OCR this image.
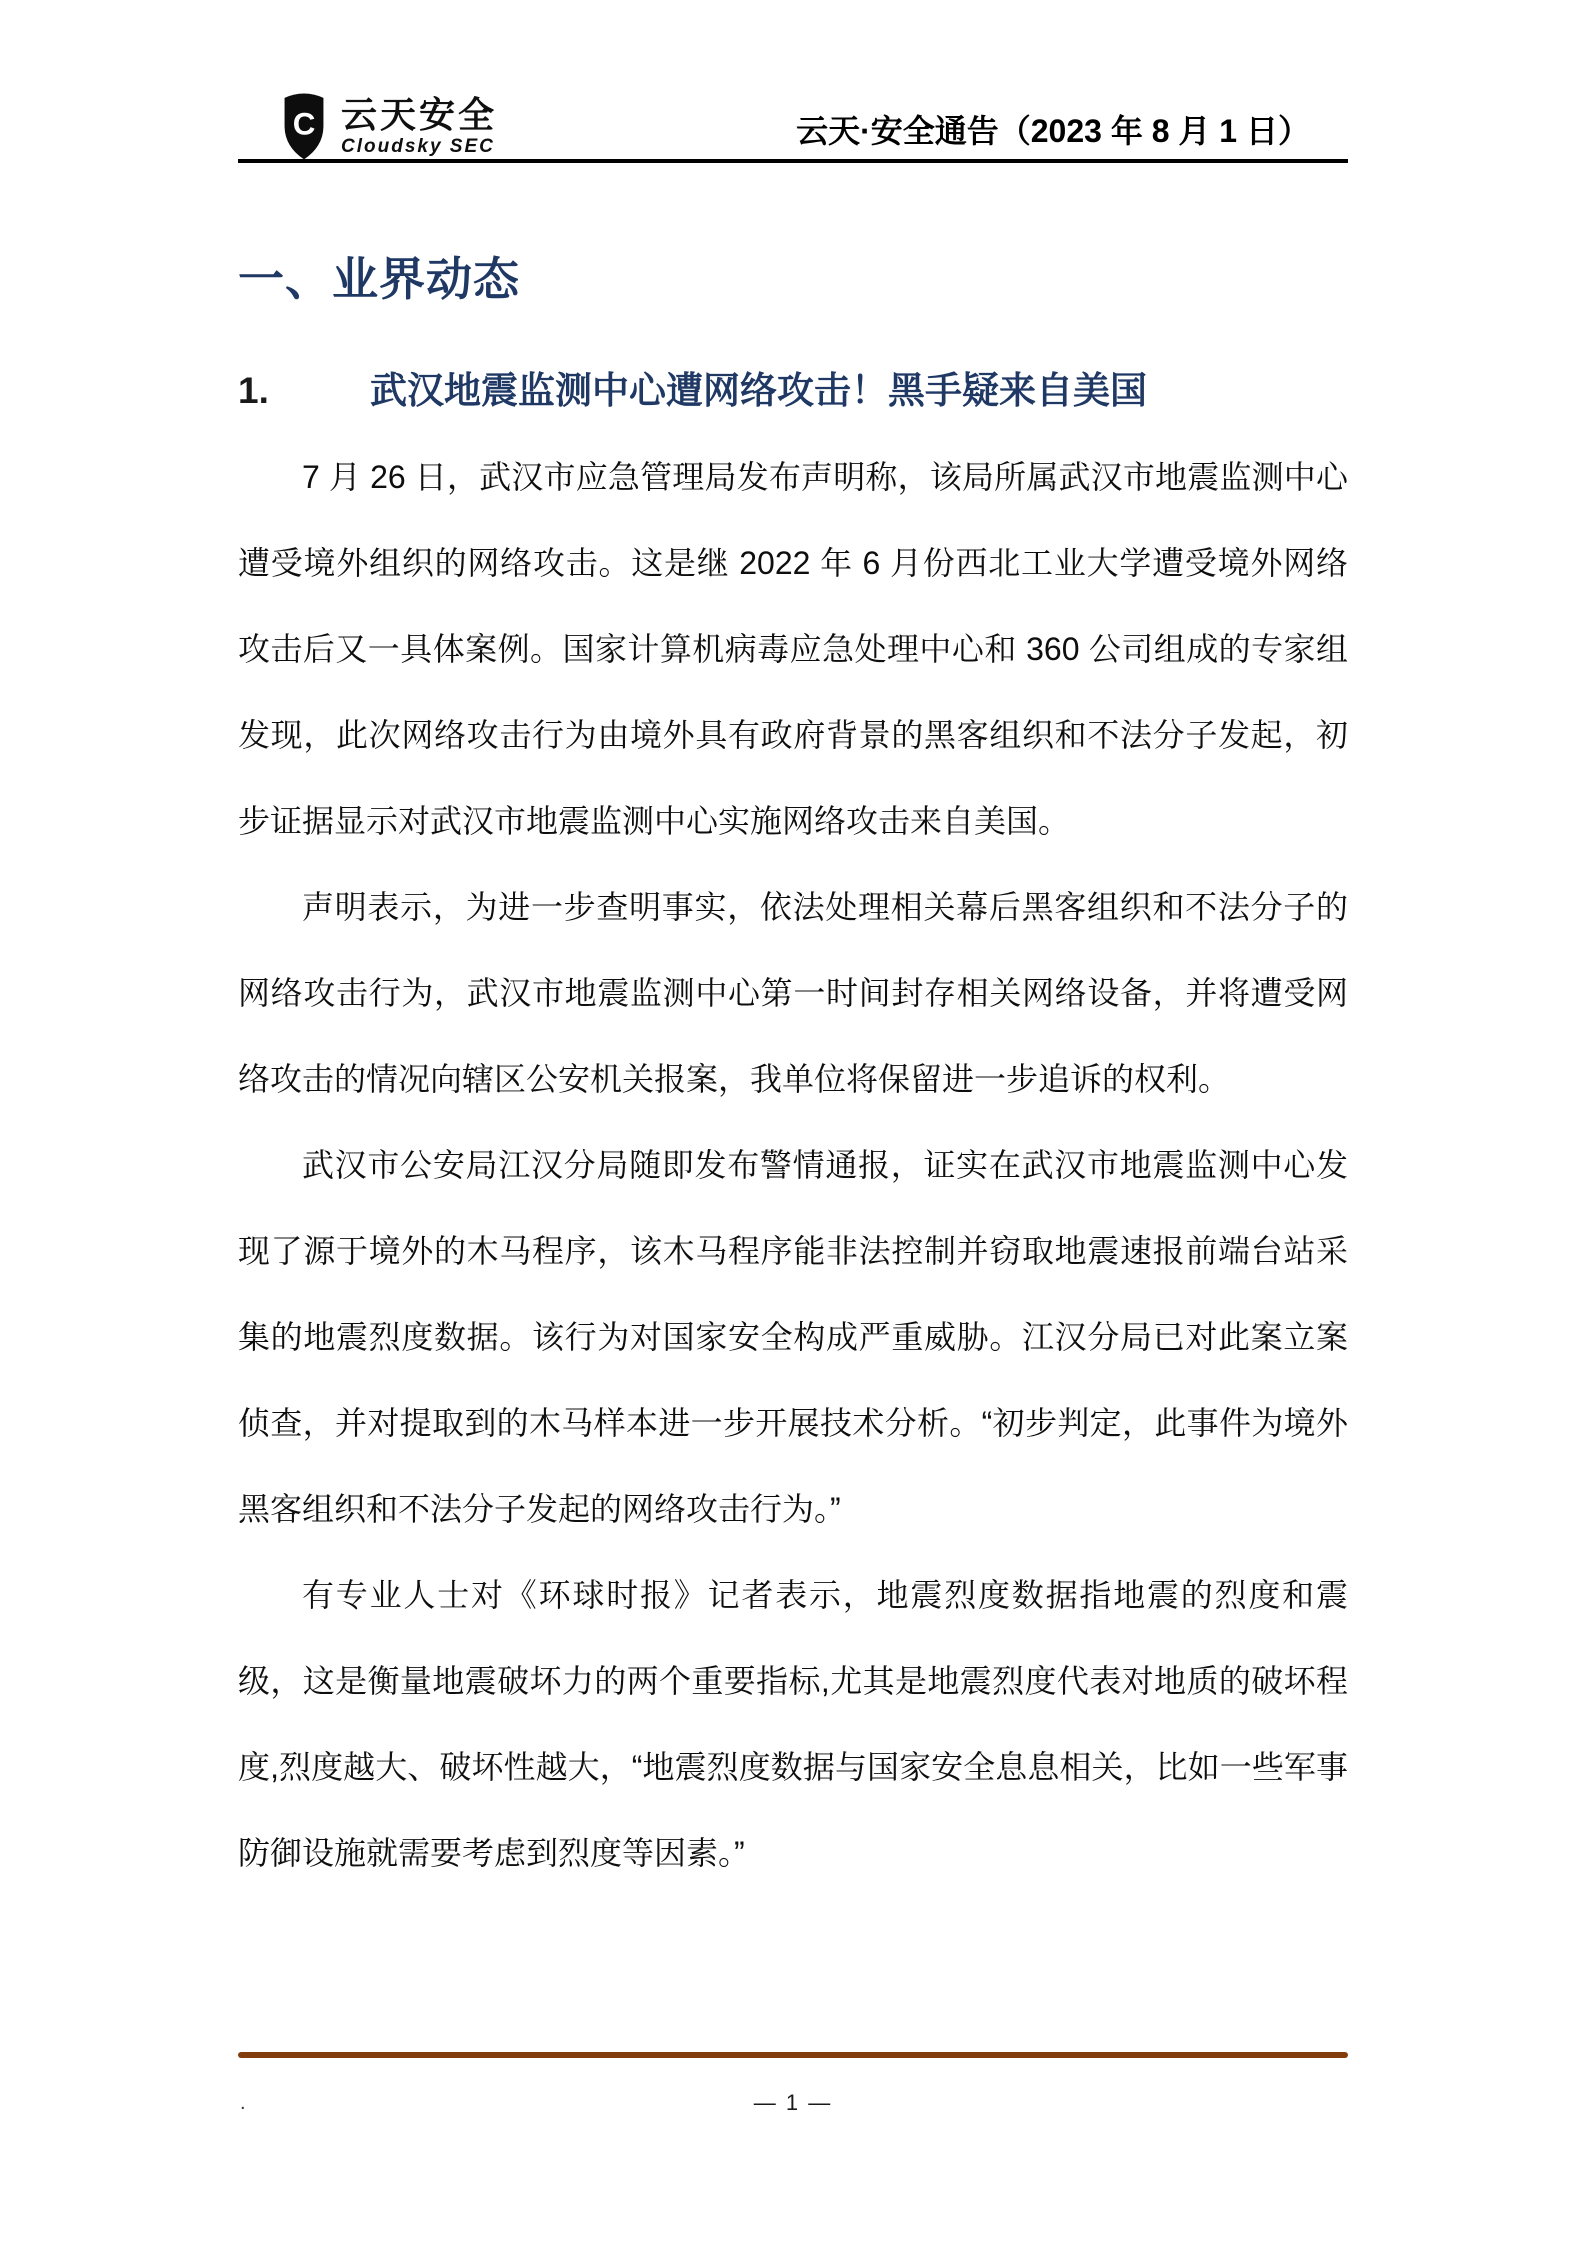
C 云天安全
Cloudsky SEC	云天·安全通告（2023 年 8 月 1 日）
一、业界动态
1.	武汉地震监测中心遭网络攻击！黑手疑来自美国

7 月 26 日，武汉市应急管理局发布声明称，该局所属武汉市地震监测中心遭受境外组织的网络攻击。这是继 2022 年 6 月份西北工业大学遭受境外网络攻击后又一具体案例。国家计算机病毒应急处理中心和 360 公司组成的专家组发现，此次网络攻击行为由境外具有政府背景的黑客组织和不法分子发起，初步证据显示对武汉市地震监测中心实施网络攻击来自美国。

声明表示，为进一步查明事实，依法处理相关幕后黑客组织和不法分子的网络攻击行为，武汉市地震监测中心第一时间封存相关网络设备，并将遭受网络攻击的情况向辖区公安机关报案，我单位将保留进一步追诉的权利。

武汉市公安局江汉分局随即发布警情通报，证实在武汉市地震监测中心发现了源于境外的木马程序，该木马程序能非法控制并窃取地震速报前端台站采集的地震烈度数据。该行为对国家安全构成严重威胁。江汉分局已对此案立案侦查，并对提取到的木马样本进一步开展技术分析。“初步判定，此事件为境外黑客组织和不法分子发起的网络攻击行为。”

有专业人士对《环球时报》记者表示，地震烈度数据指地震的烈度和震级，这是衡量地震破坏力的两个重要指标,尤其是地震烈度代表对地质的破坏程度,烈度越大、破坏性越大，“地震烈度数据与国家安全息息相关，比如一些军事防御设施就需要考虑到烈度等因素。”

.	— 1 —
